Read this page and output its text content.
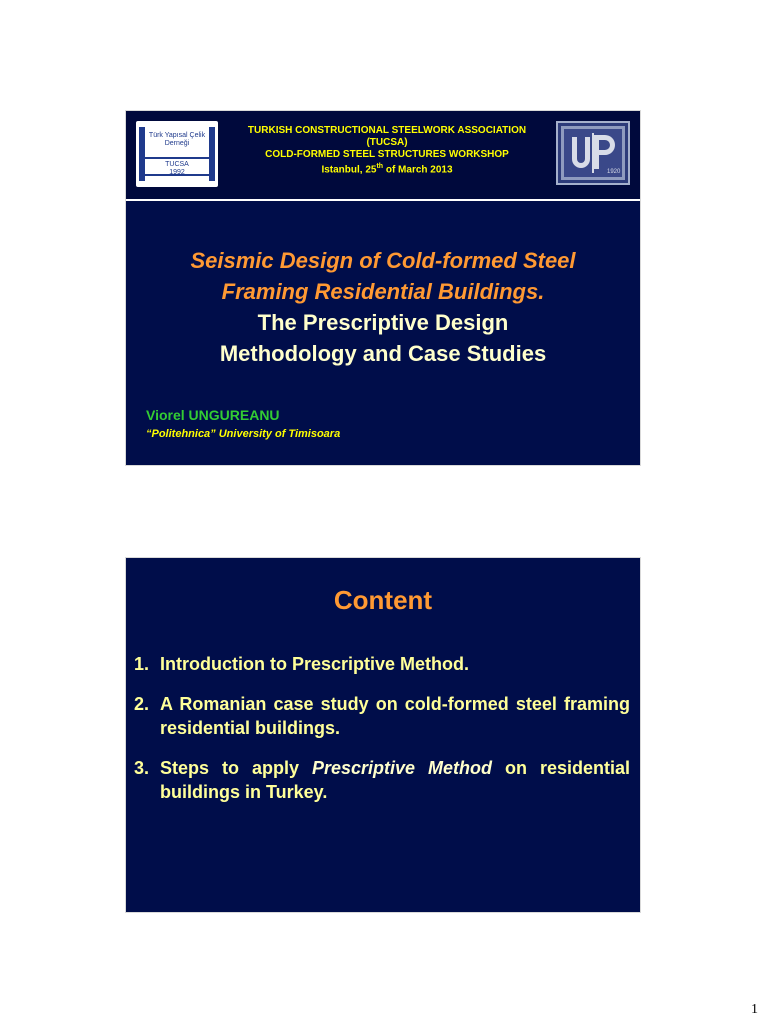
Türk Yapısal Çelik
Derneği
TUCSA
1992
TURKISH CONSTRUCTIONAL STEELWORK ASSOCIATION
(TUCSA)
COLD-FORMED STEEL STRUCTURES WORKSHOP
Istanbul, 25th of March 2013	1920
Seismic Design of Cold-formed Steel
Framing Residential Buildings.
The Prescriptive Design
Methodology and Case Studies
Viorel UNGUREANU
“Politehnica” University of Timisoara
Content
1. Introduction to Prescriptive Method.
2. A Romanian case study on cold-formed steel framing residential buildings.
3. Steps to apply Prescriptive Method on residential buildings in Turkey.
1
